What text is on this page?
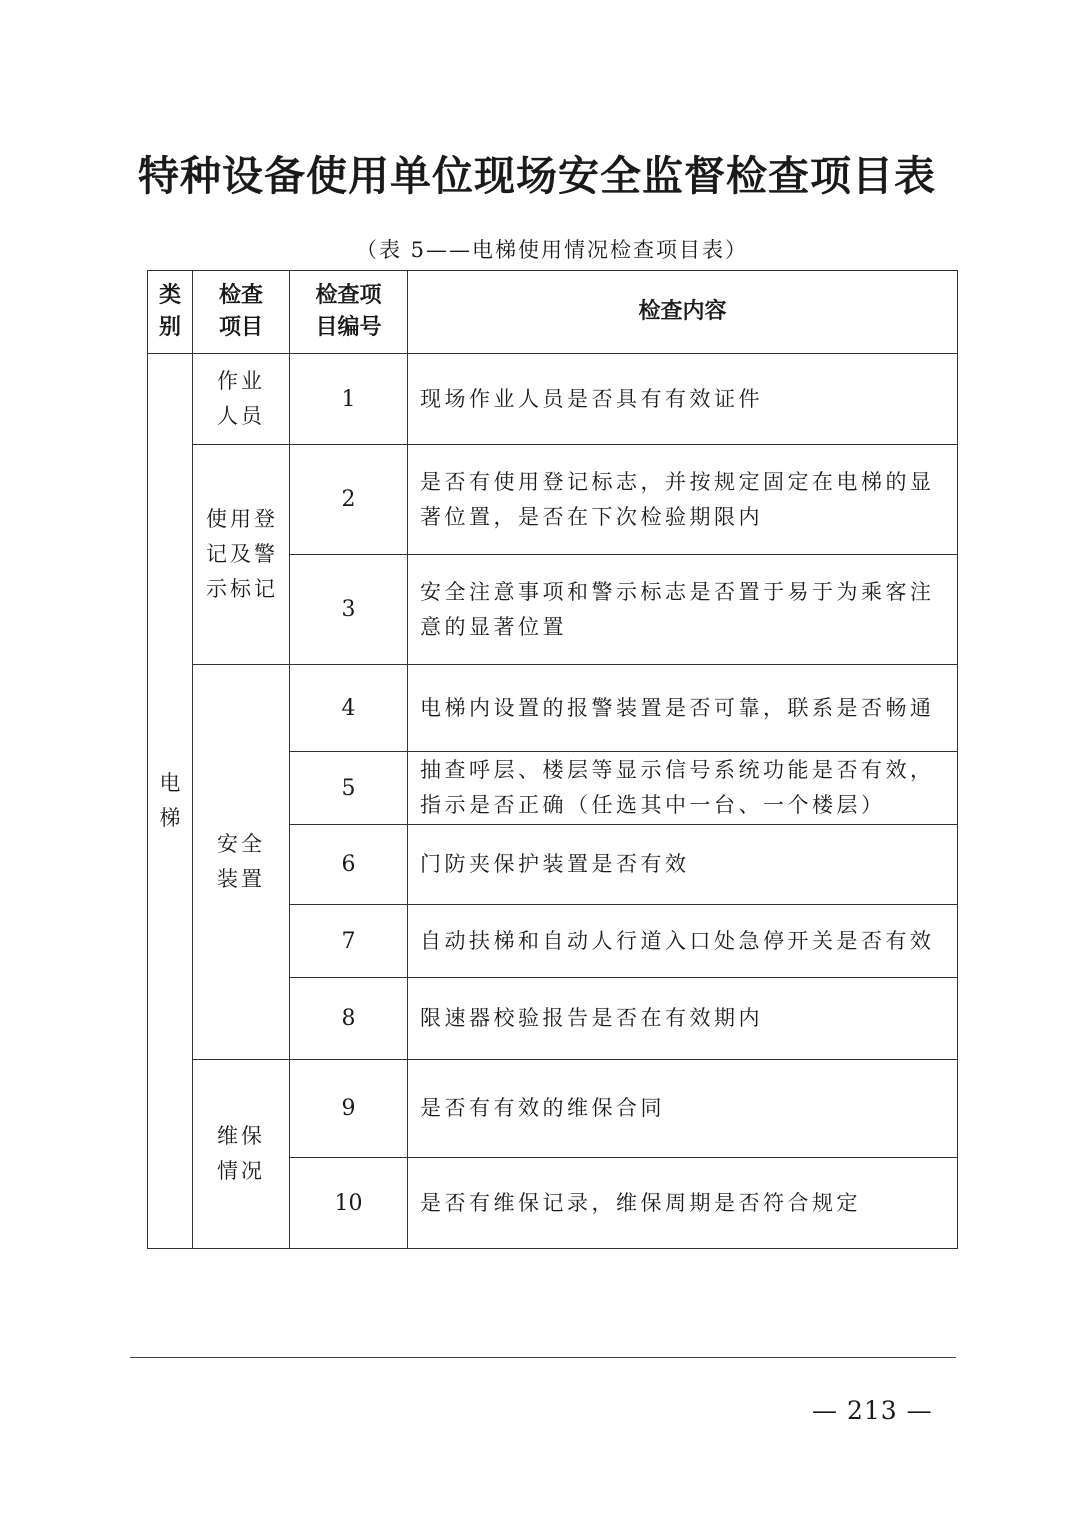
特种设备使用单位现场安全监督检查项目表
（表 5——电梯使用情况检查项目表）
类别	检查项目	检查项目编号	检查内容

电梯	作业人员	1	现场作业人员是否具有有效证件

	使用登记及警示标记	2	是否有使用登记标志，并按规定固定在电梯的显著位置，是否在下次检验期限内
		3	安全注意事项和警示标志是否置于易于为乘客注意的显著位置

	安全装置	4	电梯内设置的报警装置是否可靠，联系是否畅通
		5	抽查呼层、楼层等显示信号系统功能是否有效，指示是否正确（任选其中一台、一个楼层）
		6	门防夹保护装置是否有效
		7	自动扶梯和自动人行道入口处急停开关是否有效
		8	限速器校验报告是否在有效期内

	维保情况	9	是否有有效的维保合同
		10	是否有维保记录，维保周期是否符合规定
— 213 —
